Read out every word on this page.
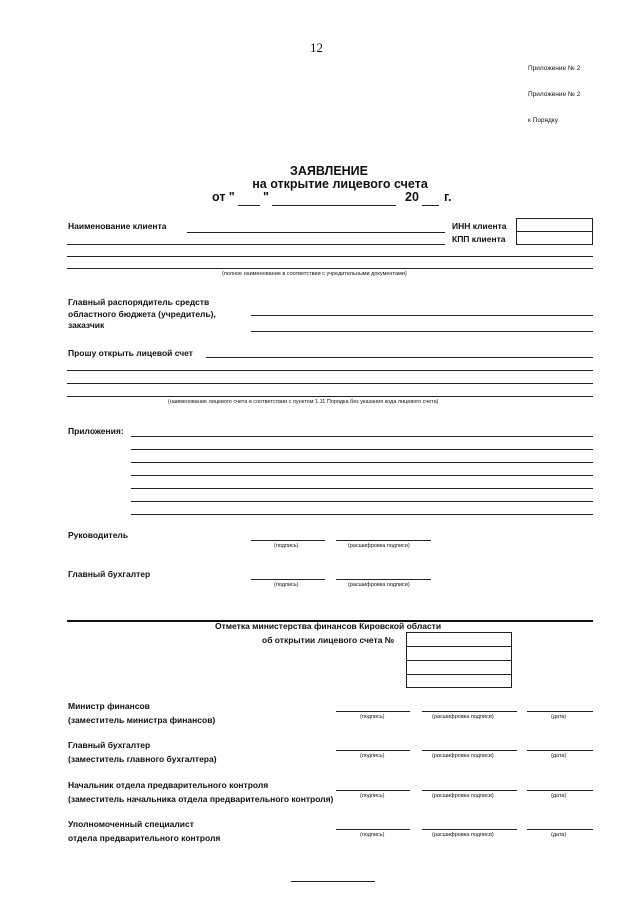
12
Приложение № 2
Приложение № 2
к Порядку
ЗАЯВЛЕНИЕ
на открытие лицевого счета
от " "	20 г.
Наименование клиента	ИНН клиента
КПП клиента
(полное наименование в соответствии с учредительными документами)
Главный распорядитель средств
областного бюджета (учредитель),
заказчик
Прошу открыть лицевой счет
(наименование лицевого счета в соответствии с пунктом 1.11 Порядка без указания кода лицевого счета)
Приложения:
Руководитель
(подпись)	(расшифровка подписи)
Главный бухгалтер
(подпись)	(расшифровка подписи)
Отметка министерства финансов Кировской области
об открытии лицевого счета №
Министр финансов
(заместитель министра финансов)	(подпись)	(расшифровка подписи)	(дата)
Главный бухгалтер
(заместитель главного бухгалтера)	(подпись)	(расшифровка подписи)	(дата)
Начальник отдела предварительного контроля
(заместитель начальника отдела предварительного контроля)	(подпись)	(расшифровка подписи)	(дата)
Уполномоченный специалист
отдела предварительного контроля	(подпись)	(расшифровка подписи)	(дата)
